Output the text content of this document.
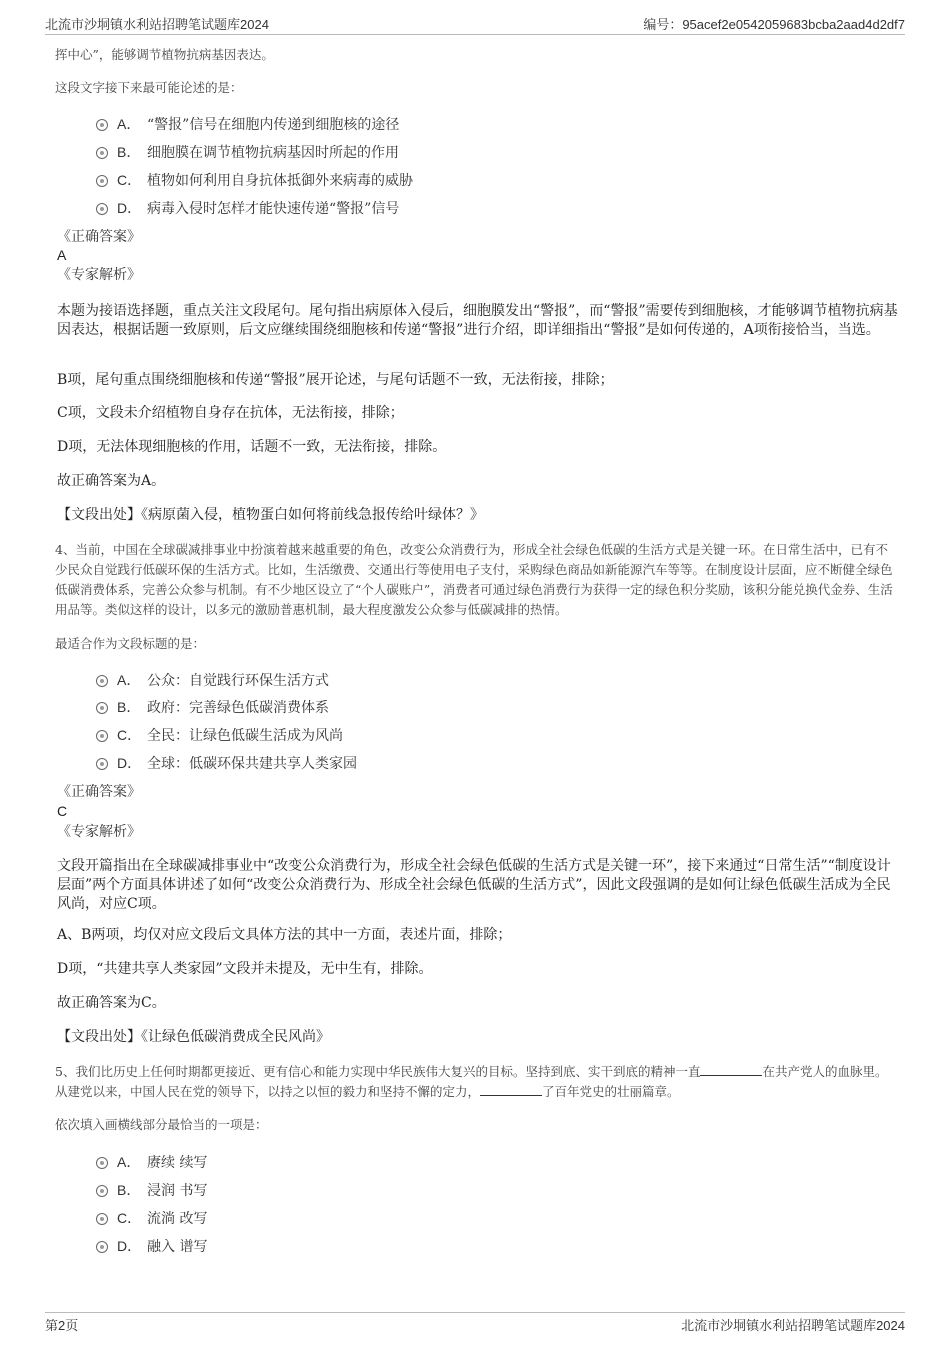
北流市沙垌镇水利站招聘笔试题库2024	编号：95acef2e0542059683bcba2aad4d2df7
挥中心”，能够调节植物抗病基因表达。
这段文字接下来最可能论述的是：
A． “警报”信号在细胞内传递到细胞核的途径
B． 细胞膜在调节植物抗病基因时所起的作用
C． 植物如何利用自身抗体抵御外来病毒的威胁
D． 病毒入侵时怎样才能快速传递“警报”信号
《正确答案》
A
《专家解析》
本题为接语选择题，重点关注文段尾句。尾句指出病原体入侵后，细胞膜发出“警报”，而“警报”需要传到细胞核，才能够调节植物抗病基因表达，根据话题一致原则，后文应继续围绕细胞核和传递“警报”进行介绍，即详细指出“警报”是如何传递的，A项衔接恰当，当选。
B项，尾句重点围绕细胞核和传递“警报”展开论述，与尾句话题不一致，无法衔接，排除；
C项，文段未介绍植物自身存在抗体，无法衔接，排除；
D项，无法体现细胞核的作用，话题不一致，无法衔接，排除。
故正确答案为A。
【文段出处】《病原菌入侵，植物蛋白如何将前线急报传给叶绿体？》
4、当前，中国在全球碳减排事业中扮演着越来越重要的角色，改变公众消费行为，形成全社会绿色低碳的生活方式是关键一环。在日常生活中，已有不少民众自觉践行低碳环保的生活方式。比如，生活缴费、交通出行等使用电子支付，采购绿色商品如新能源汽车等等。在制度设计层面，应不断健全绿色低碳消费体系，完善公众参与机制。有不少地区设立了“个人碳账户”，消费者可通过绿色消费行为获得一定的绿色积分奖励，该积分能兑换代金券、生活用品等。类似这样的设计，以多元的激励普惠机制，最大程度激发公众参与低碳减排的热情。
最适合作为文段标题的是：
A． 公众：自觉践行环保生活方式
B． 政府：完善绿色低碳消费体系
C． 全民：让绿色低碳生活成为风尚
D． 全球：低碳环保共建共享人类家园
《正确答案》
C
《专家解析》
文段开篇指出在全球碳减排事业中“改变公众消费行为，形成全社会绿色低碳的生活方式是关键一环”，接下来通过“日常生活”“制度设计层面”两个方面具体讲述了如何“改变公众消费行为、形成全社会绿色低碳的生活方式”，因此文段强调的是如何让绿色低碳生活成为全民风尚，对应C项。
A、B两项，均仅对应文段后文具体方法的其中一方面，表述片面，排除；
D项，“共建共享人类家园”文段并未提及，无中生有，排除。
故正确答案为C。
【文段出处】《让绿色低碳消费成全民风尚》
5、我们比历史上任何时期都更接近、更有信心和能力实现中华民族伟大复兴的目标。坚持到底、实干到底的精神一直	在共产党人的血脉里。从建党以来，中国人民在党的领导下，以持之以恒的毅力和坚持不懈的定力，	了百年党史的壮丽篇章。
依次填入画横线部分最恰当的一项是：
A． 赓续 续写
B． 浸润 书写
C． 流淌 改写
D． 融入 谱写
第2页	北流市沙垌镇水利站招聘笔试题库2024
